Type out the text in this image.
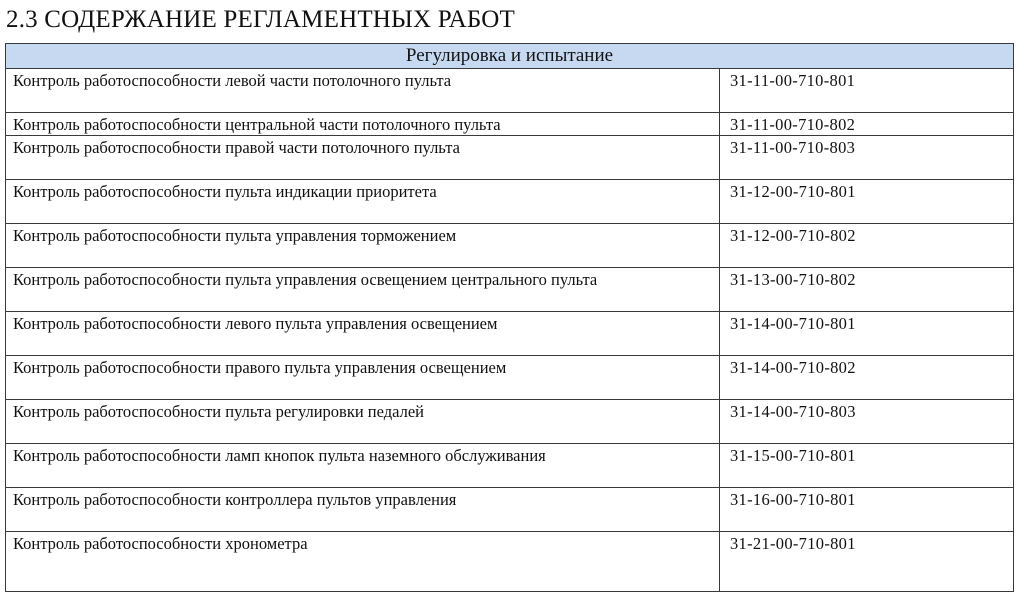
2.3 СОДЕРЖАНИЕ РЕГЛАМЕНТНЫХ РАБОТ
Регулировка и испытание	
Контроль работоспособности левой части потолочного пульта	31-11-00-710-801
Контроль работоспособности центральной части потолочного пульта	31-11-00-710-802
Контроль работоспособности правой части потолочного пульта	31-11-00-710-803
Контроль работоспособности пульта индикации приоритета	31-12-00-710-801
Контроль работоспособности пульта управления торможением	31-12-00-710-802
Контроль работоспособности пульта управления освещением центрального пульта	31-13-00-710-802
Контроль работоспособности левого пульта управления освещением	31-14-00-710-801
Контроль работоспособности правого пульта управления освещением	31-14-00-710-802
Контроль работоспособности пульта регулировки педалей	31-14-00-710-803
Контроль работоспособности ламп кнопок пульта наземного обслуживания	31-15-00-710-801
Контроль работоспособности контроллера пультов управления	31-16-00-710-801
Контроль работоспособности хронометра	31-21-00-710-801
